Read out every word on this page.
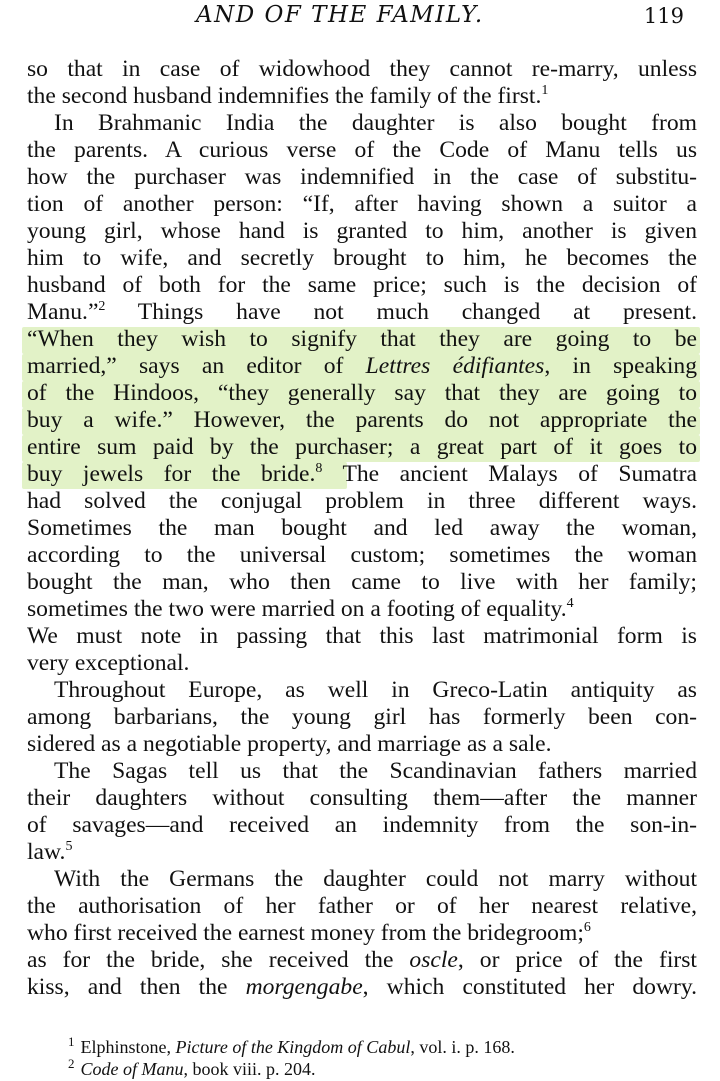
AND OF THE FAMILY.	119
so that in case of widowhood they cannot re-marry, unless
the second husband indemnifies the family of the first.$^1$
In Brahmanic India the daughter is also bought from
the parents. A curious verse of the Code of Manu tells us
how the purchaser was indemnified in the case of substitu-
tion of another person: “If, after having shown a suitor a
young girl, whose hand is granted to him, another is given
him to wife, and secretly brought to him, he becomes the
husband of both for the same price; such is the decision of
Manu.”$^2$ Things have not much changed at present.
“When they wish to signify that they are going to be
married,” says an editor of Lettres édifiantes, in speaking
of the Hindoos, “they generally say that they are going to
buy a wife.” However, the parents do not appropriate the
entire sum paid by the purchaser; a great part of it goes to
buy jewels for the bride.$^8$ The ancient Malays of Sumatra
had solved the conjugal problem in three different ways.
Sometimes the man bought and led away the woman,
according to the universal custom; sometimes the woman
bought the man, who then came to live with her family;
sometimes the two were married on a footing of equality.$^4$
We must note in passing that this last matrimonial form is
very exceptional.
Throughout Europe, as well in Greco-Latin antiquity as
among barbarians, the young girl has formerly been con-
sidered as a negotiable property, and marriage as a sale.
The Sagas tell us that the Scandinavian fathers married
their daughters without consulting them—after the manner
of savages—and received an indemnity from the son-in-
law.$^5$
With the Germans the daughter could not marry without
the authorisation of her father or of her nearest relative,
who first received the earnest money from the bridegroom;$^6$
as for the bride, she received the oscle, or price of the first
kiss, and then the morgengabe, which constituted her dowry.
$^1$ Elphinstone, Picture of the Kingdom of Cabul, vol. i. p. 168.
$^2$ Code of Manu, book viii. p. 204.
